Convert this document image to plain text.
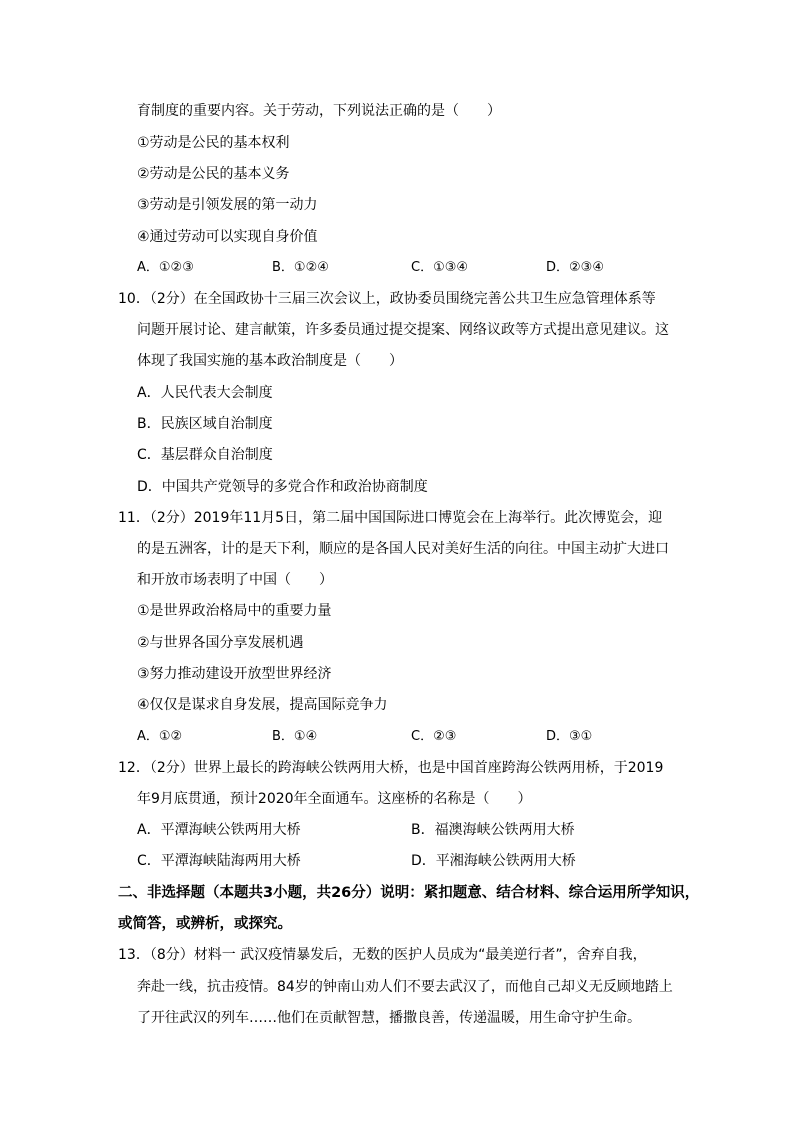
育制度的重要内容。关于劳动，下列说法正确的是（　　）
①劳动是公民的基本权利
②劳动是公民的基本义务
③劳动是引领发展的第一动力
④通过劳动可以实现自身价值
A．①②③	B．①②④	C．①③④	D．②③④
10．（2分）在全国政协十三届三次会议上，政协委员围绕完善公共卫生应急管理体系等
问题开展讨论、建言献策，许多委员通过提交提案、网络议政等方式提出意见建议。这
体现了我国实施的基本政治制度是（　　）
A．人民代表大会制度
B．民族区域自治制度
C．基层群众自治制度
D．中国共产党领导的多党合作和政治协商制度
11．（2分）2019年11月5日，第二届中国国际进口博览会在上海举行。此次博览会，迎
的是五洲客，计的是天下利，顺应的是各国人民对美好生活的向往。中国主动扩大进口
和开放市场表明了中国（　　）
①是世界政治格局中的重要力量
②与世界各国分享发展机遇
③努力推动建设开放型世界经济
④仅仅是谋求自身发展，提高国际竞争力
A．①②	B．①④	C．②③	D．③①
12．（2分）世界上最长的跨海峡公铁两用大桥，也是中国首座跨海公铁两用桥，于2019
年9月底贯通，预计2020年全面通车。这座桥的名称是（　　）
A．平潭海峡公铁两用大桥	B．福澳海峡公铁两用大桥
C．平潭海峡陆海两用大桥	D．平湘海峡公铁两用大桥
二、非选择题（本题共3小题，共26分）说明：紧扣题意、结合材料、综合运用所学知识，
或简答，或辨析，或探究。
13．（8分）材料一 武汉疫情暴发后，无数的医护人员成为“最美逆行者”，舍弃自我，
奔赴一线，抗击疫情。84岁的钟南山劝人们不要去武汉了，而他自己却义无反顾地踏上
了开往武汉的列车……他们在贡献智慧，播撒良善，传递温暖，用生命守护生命。
